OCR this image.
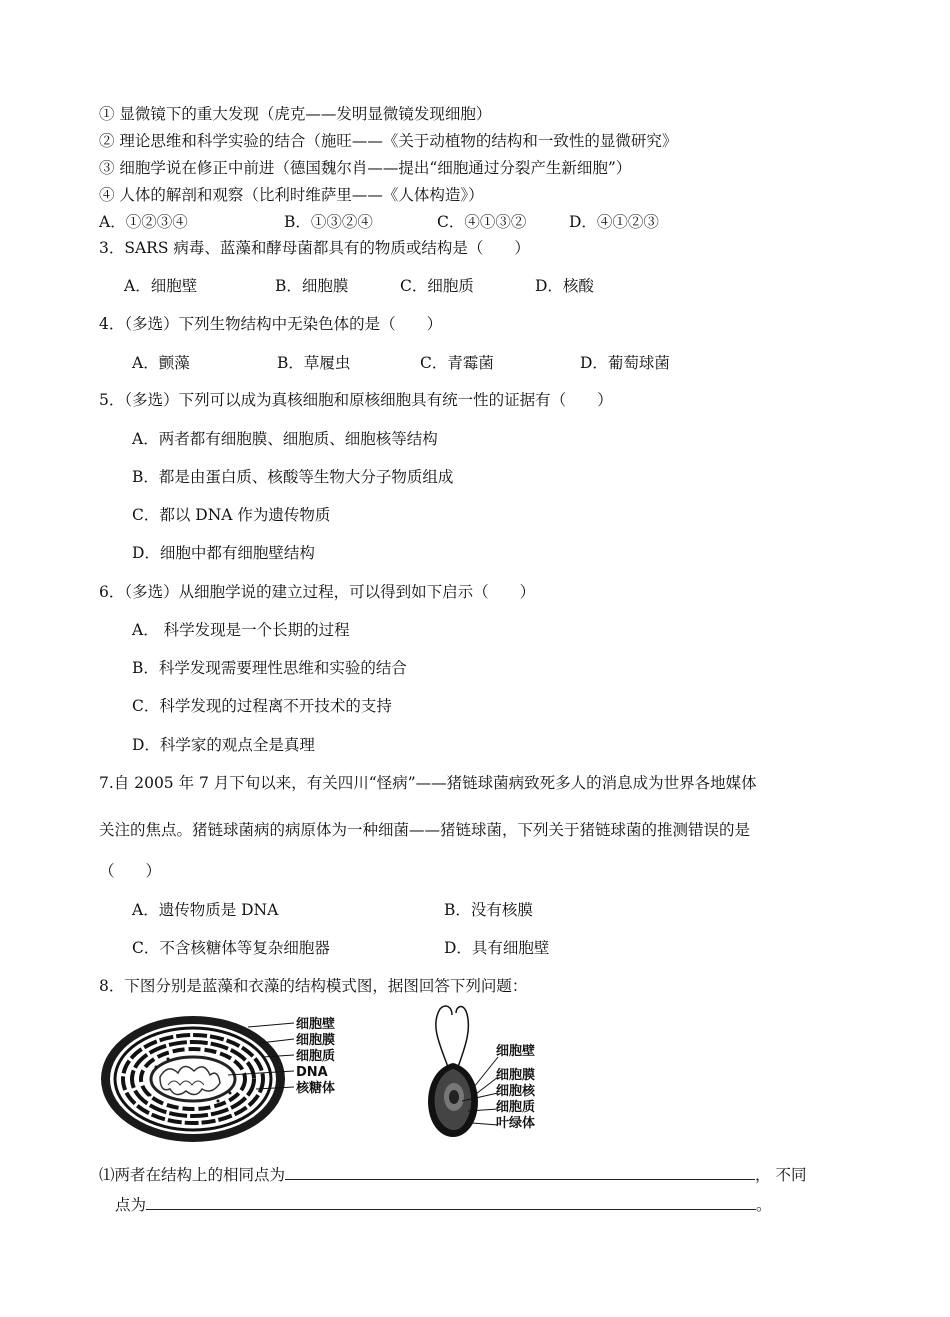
① 显微镜下的重大发现（虎克——发明显微镜发现细胞）
② 理论思维和科学实验的结合（施旺——《关于动植物的结构和一致性的显微研究》
③ 细胞学说在修正中前进（德国魏尔肖——提出“细胞通过分裂产生新细胞”）
④ 人体的解剖和观察（比利时维萨里——《人体构造》）
A．①②③④	B．①③②④	C．④①③②	D．④①②③
3．SARS 病毒、蓝藻和酵母菌都具有的物质或结构是（　　）
A．细胞壁	B．细胞膜	C．细胞质	D．核酸
4．（多选）下列生物结构中无染色体的是（　　）
A．颤藻	B．草履虫	C．青霉菌	D．葡萄球菌
5．（多选）下列可以成为真核细胞和原核细胞具有统一性的证据有（　　）
A．两者都有细胞膜、细胞质、细胞核等结构
B．都是由蛋白质、核酸等生物大分子物质组成
C．都以 DNA 作为遗传物质
D．细胞中都有细胞壁结构
6．（多选）从细胞学说的建立过程，可以得到如下启示（　　）
A． 科学发现是一个长期的过程
B．科学发现需要理性思维和实验的结合
C．科学发现的过程离不开技术的支持
D．科学家的观点全是真理
7.自 2005 年 7 月下旬以来，有关四川“怪病”——猪链球菌病致死多人的消息成为世界各地媒体
关注的焦点。猪链球菌病的病原体为一种细菌——猪链球菌，下列关于猪链球菌的推测错误的是
（　　）
A．遗传物质是 DNA	B．没有核膜
C．不含核糖体等复杂细胞器	D．具有细胞壁
8．下图分别是蓝藻和衣藻的结构模式图，据图回答下列问题：
细胞壁
细胞膜
细胞质
DNA
核糖体
细胞壁
细胞膜
细胞核
细胞质
叶绿体
⑴两者在结构上的相同点为	， 不同
点为	。
